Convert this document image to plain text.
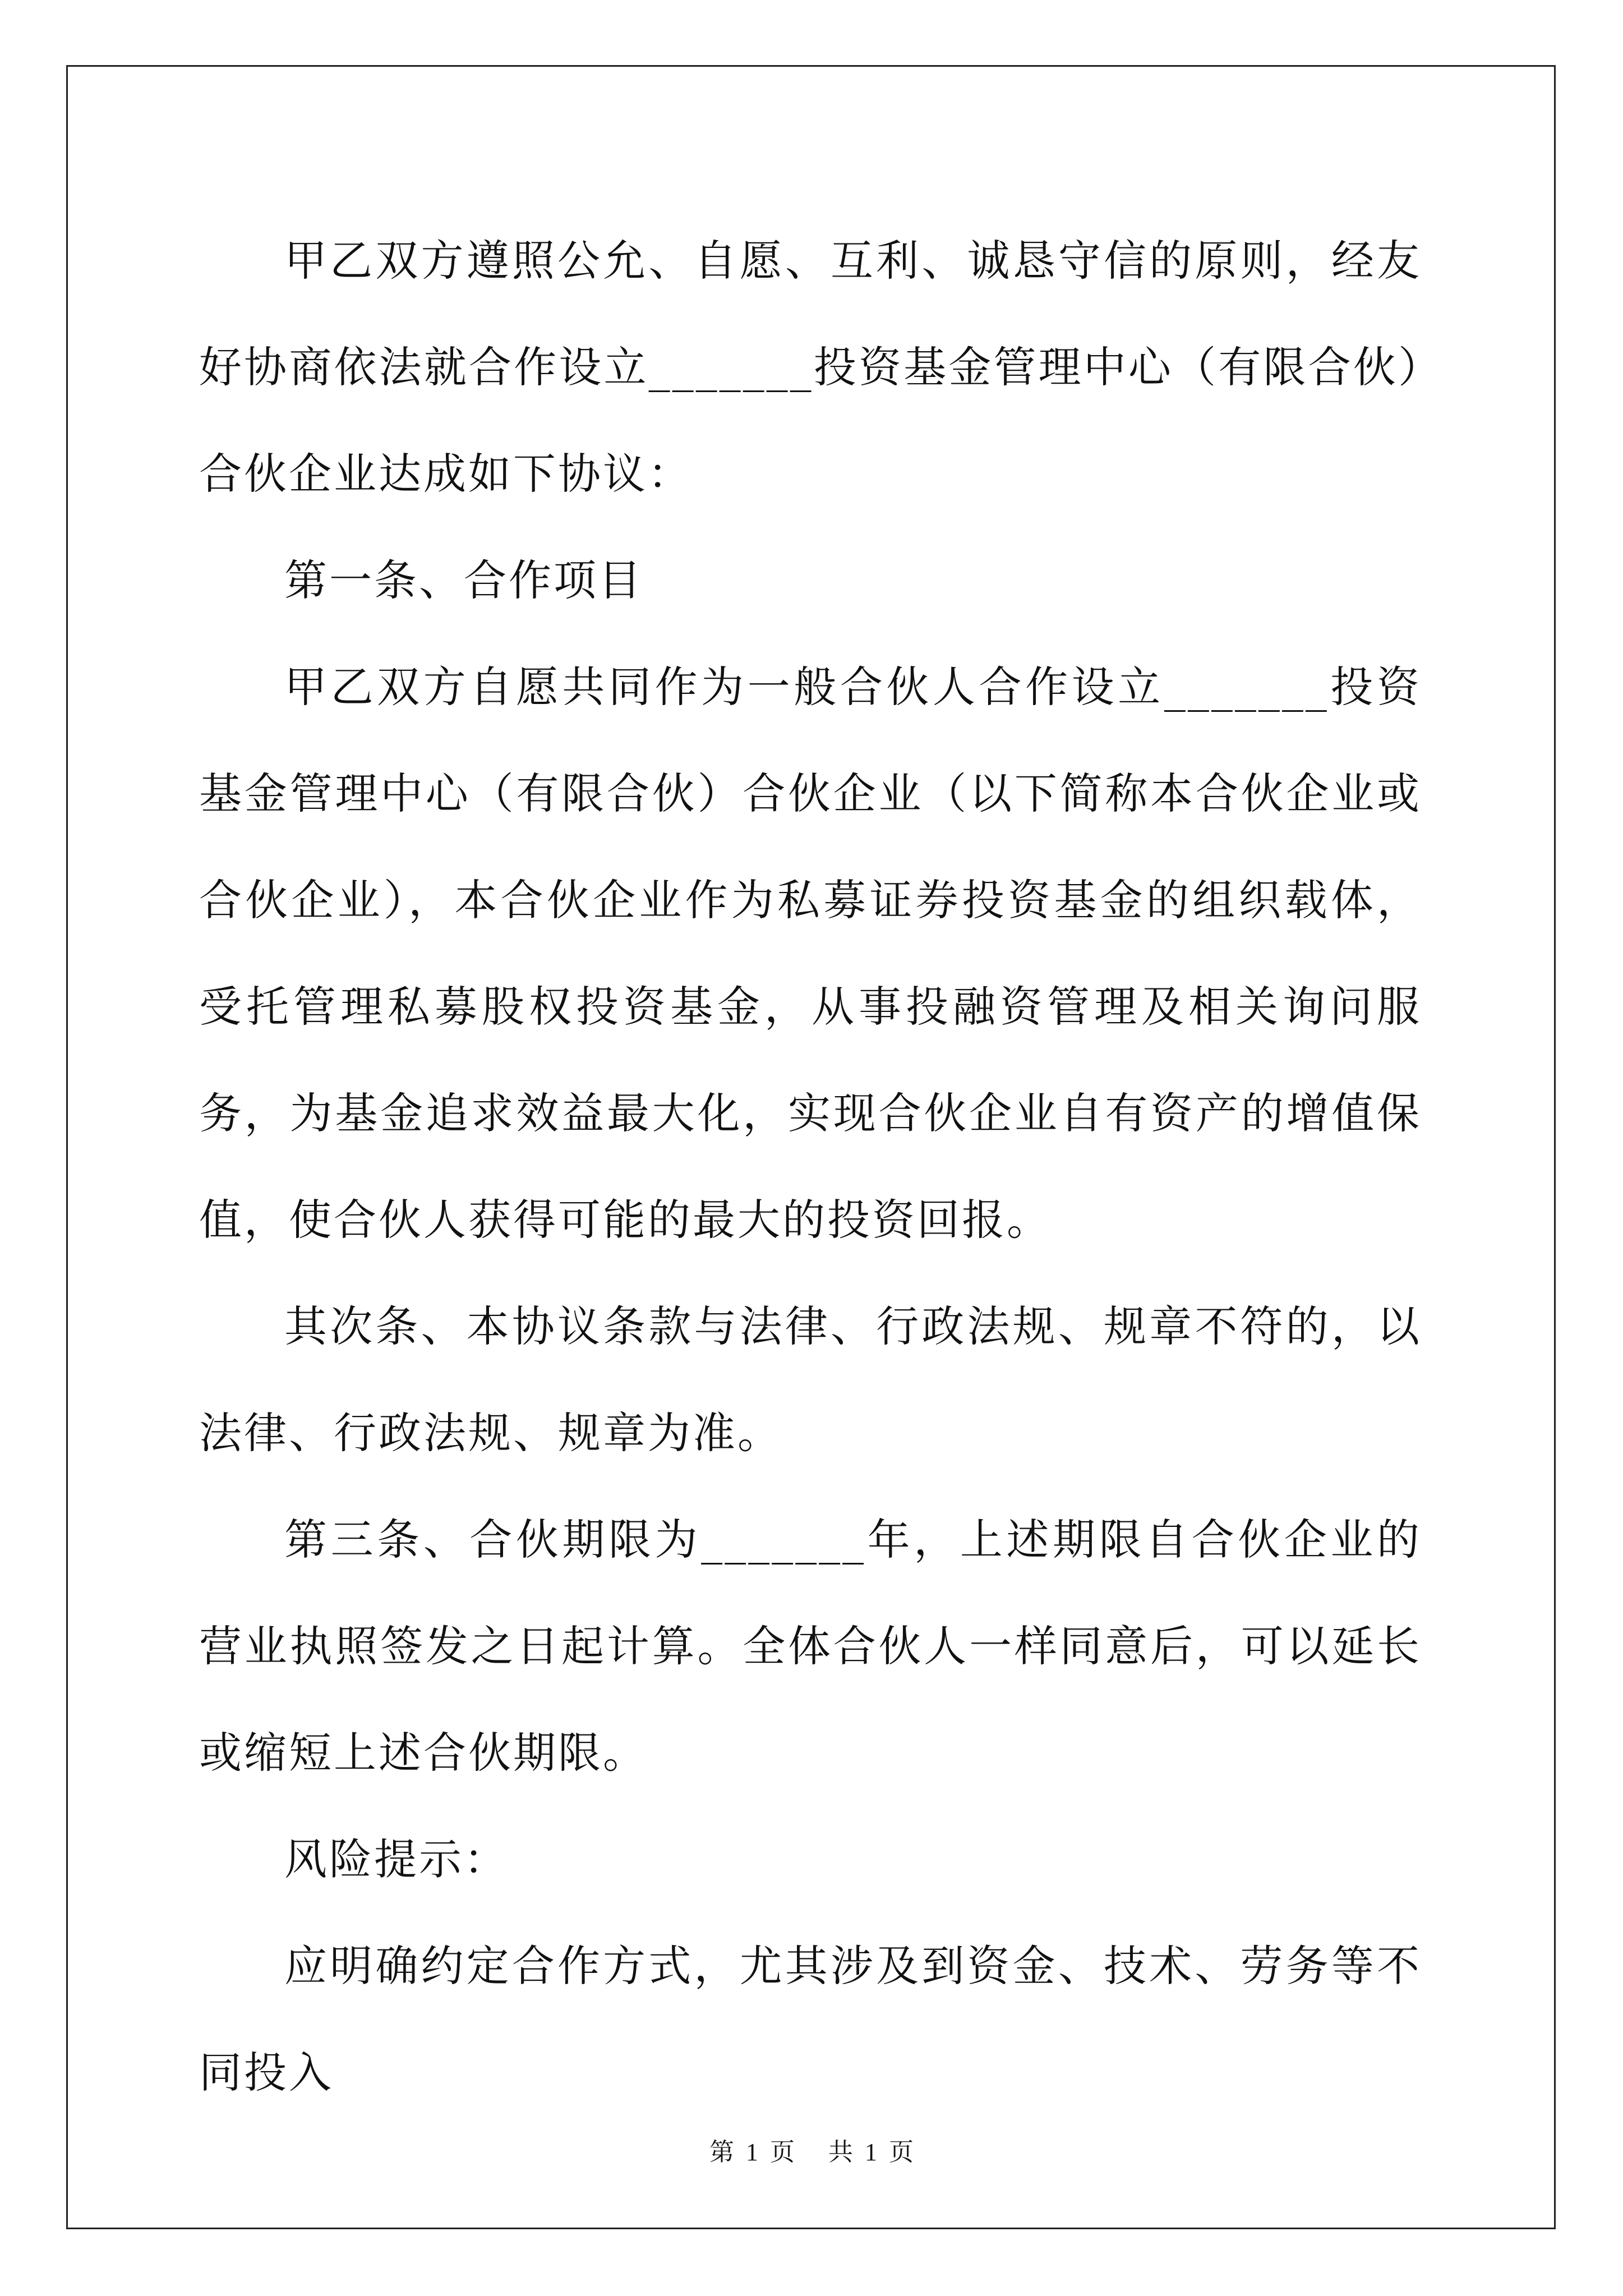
甲乙双方遵照公允、自愿、互利、诚恳守信的原则，经友好协商依法就合作设立_______投资基金管理中心（有限合伙）合伙企业达成如下协议：

第一条、合作项目

甲乙双方自愿共同作为一般合伙人合作设立_______投资基金管理中心（有限合伙）合伙企业（以下简称本合伙企业或合伙企业），本合伙企业作为私募证券投资基金的组织载体，受托管理私募股权投资基金，从事投融资管理及相关询问服务，为基金追求效益最大化，实现合伙企业自有资产的增值保值，使合伙人获得可能的最大的投资回报。

其次条、本协议条款与法律、行政法规、规章不符的，以法律、行政法规、规章为准。

第三条、合伙期限为_______年，上述期限自合伙企业的营业执照签发之日起计算。全体合伙人一样同意后，可以延长或缩短上述合伙期限。

风险提示：

应明确约定合作方式，尤其涉及到资金、技术、劳务等不同投入

第 1 页 共 1 页
